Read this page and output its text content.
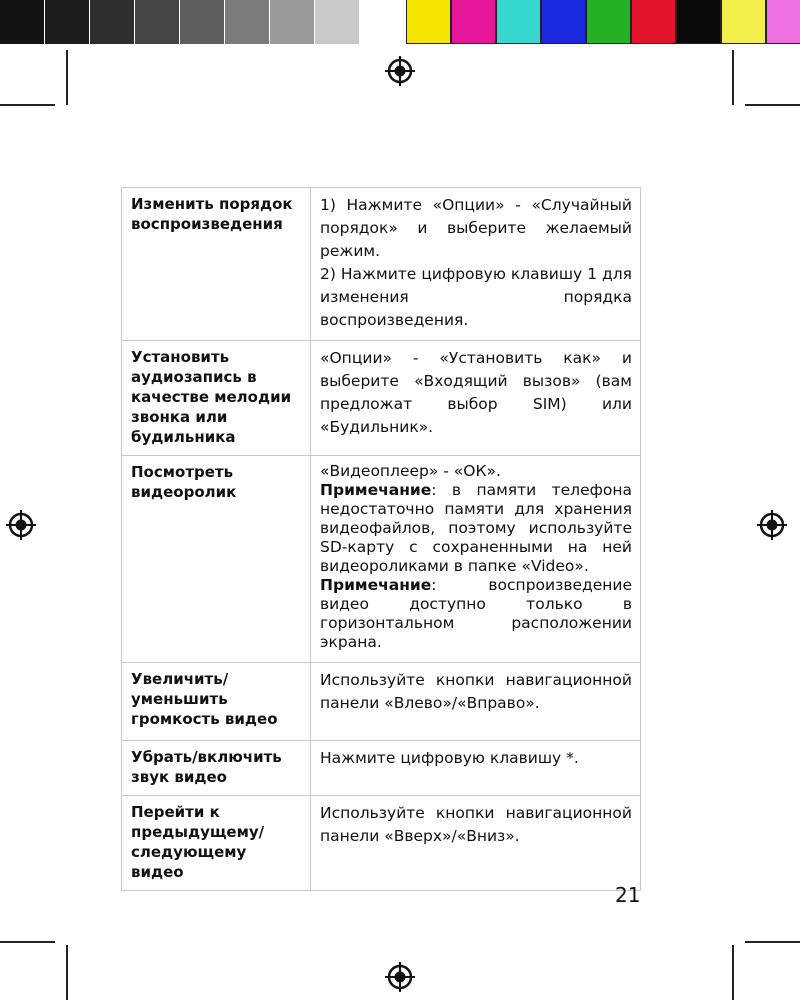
Изменить порядок воспроизведения	1) Нажмите «Опции» - «Случайный порядок» и выберите желаемый режим.
2) Нажмите цифровую клавишу 1 для изменения порядка воспроизведения.

Установить аудиозапись в качестве мелодии звонка или будильника	«Опции» - «Установить как» и выберите «Входящий вызов» (вам предложат выбор SIM) или «Будильник».

Посмотреть видеоролик	«Видеоплеер» - «ОК».
Примечание: в памяти телефона недостаточно памяти для хранения видеофайлов, поэтому используйте SD-карту с сохраненными на ней видеороликами в папке «Video».
Примечание: воспроизведение видео доступно только в горизонтальном расположении экрана.

Увеличить/уменьшить громкость видео	Используйте кнопки навигационной панели «Влево»/«Вправо».

Убрать/включить звук видео	Нажмите цифровую клавишу *.

Перейти к предыдущему/следующему видео	Используйте кнопки навигационной панели «Вверх»/«Вниз».
21
